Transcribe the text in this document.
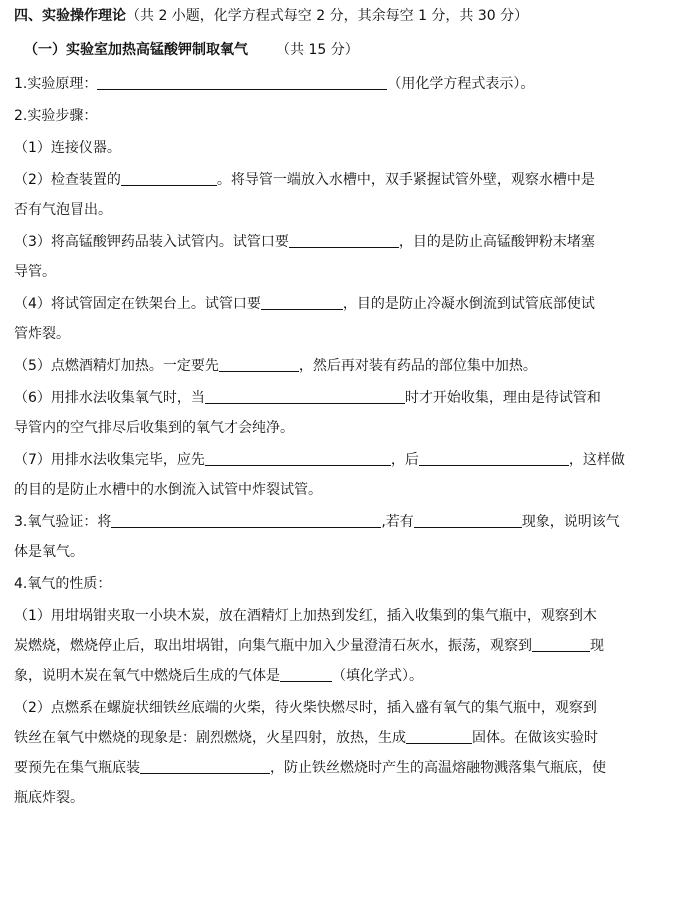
四、实验操作理论（共 2 小题，化学方程式每空 2 分，其余每空 1 分，共 30 分）
（一）实验室加热高锰酸钾制取氧气 （共 15 分）
1.实验原理：	（用化学方程式表示）。
2.实验步骤：
（1）连接仪器。
（2）检查装置的	。将导管一端放入水槽中，双手紧握试管外壁，观察水槽中是
否有气泡冒出。
（3）将高锰酸钾药品装入试管内。试管口要	，目的是防止高锰酸钾粉末堵塞
导管。
（4）将试管固定在铁架台上。试管口要	，目的是防止冷凝水倒流到试管底部使试
管炸裂。
（5）点燃酒精灯加热。一定要先	，然后再对装有药品的部位集中加热。
（6）用排水法收集氧气时，当	时才开始收集，理由是待试管和
导管内的空气排尽后收集到的氧气才会纯净。
（7）用排水法收集完毕，应先	，后	，这样做
的目的是防止水槽中的水倒流入试管中炸裂试管。
3.氧气验证：将	,若有	现象，说明该气
体是氧气。
4.氧气的性质：
（1）用坩埚钳夹取一小块木炭，放在酒精灯上加热到发红，插入收集到的集气瓶中，观察到木
炭燃烧，燃烧停止后，取出坩埚钳，向集气瓶中加入少量澄清石灰水，振荡，观察到	现
象，说明木炭在氧气中燃烧后生成的气体是	（填化学式）。
（2）点燃系在螺旋状细铁丝底端的火柴，待火柴快燃尽时，插入盛有氧气的集气瓶中，观察到
铁丝在氧气中燃烧的现象是：剧烈燃烧，火星四射，放热，生成	固体。在做该实验时
要预先在集气瓶底装	，防止铁丝燃烧时产生的高温熔融物溅落集气瓶底，使
瓶底炸裂。
